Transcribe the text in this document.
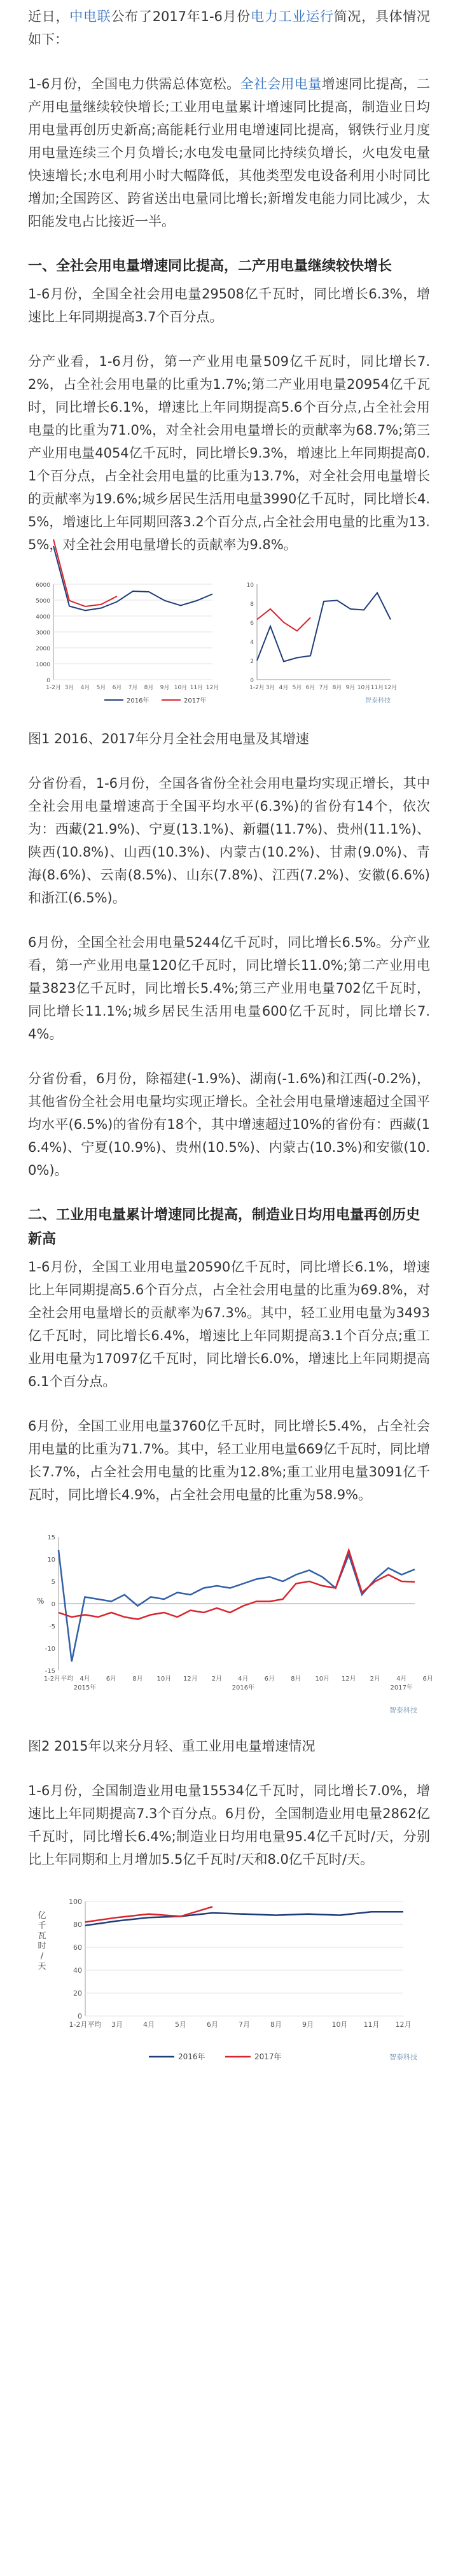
近日，中电联公布了2017年1-6月份电力工业运行简况，具体情况如下：

1-6月份，全国电力供需总体宽松。全社会用电量增速同比提高，二产用电量继续较快增长;工业用电量累计增速同比提高，制造业日均用电量再创历史新高;高能耗行业用电增速同比提高，钢铁行业月度用电量连续三个月负增长;水电发电量同比持续负增长，火电发电量快速增长;水电利用小时大幅降低，其他类型发电设备利用小时同比增加;全国跨区、跨省送出电量同比增长;新增发电能力同比减少，太阳能发电占比接近一半。

一、全社会用电量增速同比提高，二产用电量继续较快增长

1-6月份，全国全社会用电量29508亿千瓦时，同比增长6.3%，增速比上年同期提高3.7个百分点。

分产业看，1-6月份，第一产业用电量509亿千瓦时，同比增长7.2%，占全社会用电量的比重为1.7%;第二产业用电量20954亿千瓦时，同比增长6.1%，增速比上年同期提高5.6个百分点,占全社会用电量的比重为71.0%，对全社会用电量增长的贡献率为68.7%;第三产业用电量4054亿千瓦时，同比增长9.3%，增速比上年同期提高0.1个百分点，占全社会用电量的比重为13.7%，对全社会用电量增长的贡献率为19.6%;城乡居民生活用电量3990亿千瓦时，同比增长4.5%，增速比上年同期回落3.2个百分点,占全社会用电量的比重为13.5%，对全社会用电量增长的贡献率为9.8%。

0
1000
2000
3000
4000
5000
6000
1-2月 3月 4月 5月 6月 7月 8月 9月 10月 11月 12月
0
2
4
6
8
10
1-2月 3月 4月 5月 6月 7月 8月 9月 10月 11月 12月
2016年	2017年	智泰科技
图1 2016、2017年分月全社会用电量及其增速

分省份看，1-6月份，全国各省份全社会用电量均实现正增长，其中全社会用电量增速高于全国平均水平(6.3%)的省份有14个，依次为：西藏(21.9%)、宁夏(13.1%)、新疆(11.7%)、贵州(11.1%)、陕西(10.8%)、山西(10.3%)、内蒙古(10.2%)、甘肃(9.0%)、青海(8.6%)、云南(8.5%)、山东(7.8%)、江西(7.2%)、安徽(6.6%)和浙江(6.5%)。

6月份，全国全社会用电量5244亿千瓦时，同比增长6.5%。分产业看，第一产业用电量120亿千瓦时，同比增长11.0%;第二产业用电量3823亿千瓦时，同比增长5.4%;第三产业用电量702亿千瓦时，同比增长11.1%;城乡居民生活用电量600亿千瓦时，同比增长7.4%。

分省份看，6月份，除福建(-1.9%)、湖南(-1.6%)和江西(-0.2%)，其他省份全社会用电量均实现正增长。全社会用电量增速超过全国平均水平(6.5%)的省份有18个，其中增速超过10%的省份有：西藏(16.4%)、宁夏(10.9%)、贵州(10.5%)、内蒙古(10.3%)和安徽(10.0%)。

二、工业用电量累计增速同比提高，制造业日均用电量再创历史新高

1-6月份，全国工业用电量20590亿千瓦时，同比增长6.1%，增速比上年同期提高5.6个百分点，占全社会用电量的比重为69.8%，对全社会用电量增长的贡献率为67.3%。其中，轻工业用电量为3493亿千瓦时，同比增长6.4%，增速比上年同期提高3.1个百分点;重工业用电量为17097亿千瓦时，同比增长6.0%，增速比上年同期提高6.1个百分点。

6月份，全国工业用电量3760亿千瓦时，同比增长5.4%，占全社会用电量的比重为71.7%。其中，轻工业用电量669亿千瓦时，同比增长7.7%，占全社会用电量的比重为12.8%;重工业用电量3091亿千瓦时，同比增长4.9%，占全社会用电量的比重为58.9%。

-15
-10
-5
0
5
10
15
1-2月平均 4月	6月	8月 10月 12月 2月	4月	6月	8月 10月 12月 2月	4月	6月
%
2015年	2016年	2017年
智泰科技
图2 2015年以来分月轻、重工业用电量增速情况

1-6月份，全国制造业用电量15534亿千瓦时，同比增长7.0%，增速比上年同期提高7.3个百分点。6月份，全国制造业用电量2862亿千瓦时，同比增长6.4%;制造业日均用电量95.4亿千瓦时/天，分别比上年同期和上月增加5.5亿千瓦时/天和8.0亿千瓦时/天。

0
20
40
60
80
100
1-2月平均 3月	4月	5月	6月	7月	8月	9月	10月 11月 12月
亿
千
瓦
时
/
天
2016年	2017年	智泰科技
